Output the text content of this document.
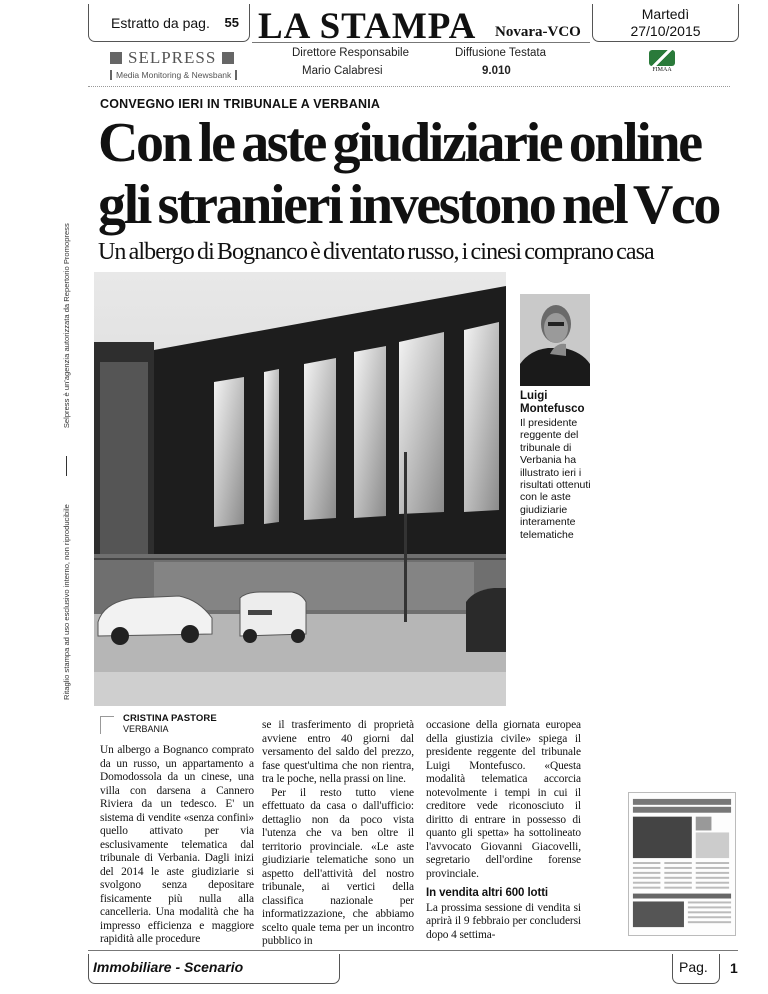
Estratto da pag. 55 LA STAMPA Novara-VCO
Martedì
27/10/2015
Direttore Responsabile
Mario Calabresi
Diffusione Testata
9.010
SELPRESS
Media Monitoring & Newsbank	FIMAA
Ritaglio stampa ad uso esclusivo interno, non riproducibile
Selpress è un'agenzia autorizzata da Repertorio Promopress
CONVEGNO IERI IN TRIBUNALE A VERBANIA
Con le aste giudiziarie online
gli stranieri investono nel Vco
Un albergo di Bognanco è diventato russo, i cinesi comprano casa
Luigi
Montefusco
Il presidente reggente del tribunale di Verbania ha illustrato ieri i risultati ottenuti con le aste giudiziarie interamente telematiche
CRISTINA PASTORE
VERBANIA

Un albergo a Bognanco comprato da un russo, un appartamento a Domodossola da un cinese, una villa con darsena a Cannero Riviera da un tedesco. E' un sistema di vendite «senza confini» quello attivato per via esclusivamente telematica dal tribunale di Verbania. Dagli inizi del 2014 le aste giudiziarie si svolgono senza depositare fisicamente più nulla alla cancelleria. Una modalità che ha impresso efficienza e maggiore rapidità alle procedure

se il trasferimento di proprietà avviene entro 40 giorni dal versamento del saldo del prezzo, fase quest'ultima che non rientra, tra le poche, nella prassi on line.

Per il resto tutto viene effettuato da casa o dall'ufficio: dettaglio non da poco vista l'utenza che va ben oltre il territorio provinciale. «Le aste giudiziarie telematiche sono un aspetto dell'attività del nostro tribunale, ai vertici della classifica nazionale per informatizzazione, che abbiamo scelto quale tema per un incontro pubblico in

occasione della giornata europea della giustizia civile» spiega il presidente reggente del tribunale Luigi Montefusco. «Questa modalità telematica accorcia notevolmente i tempi in cui il creditore vede riconosciuto il diritto di entrare in possesso di quanto gli spetta» ha sottolineato l'avvocato Giovanni Giacovelli, segretario dell'ordine forense provinciale.

In vendita altri 600 lotti

La prossima sessione di vendita si aprirà il 9 febbraio per concludersi dopo 4 settima-

Immobiliare - Scenario	Pag.	1
